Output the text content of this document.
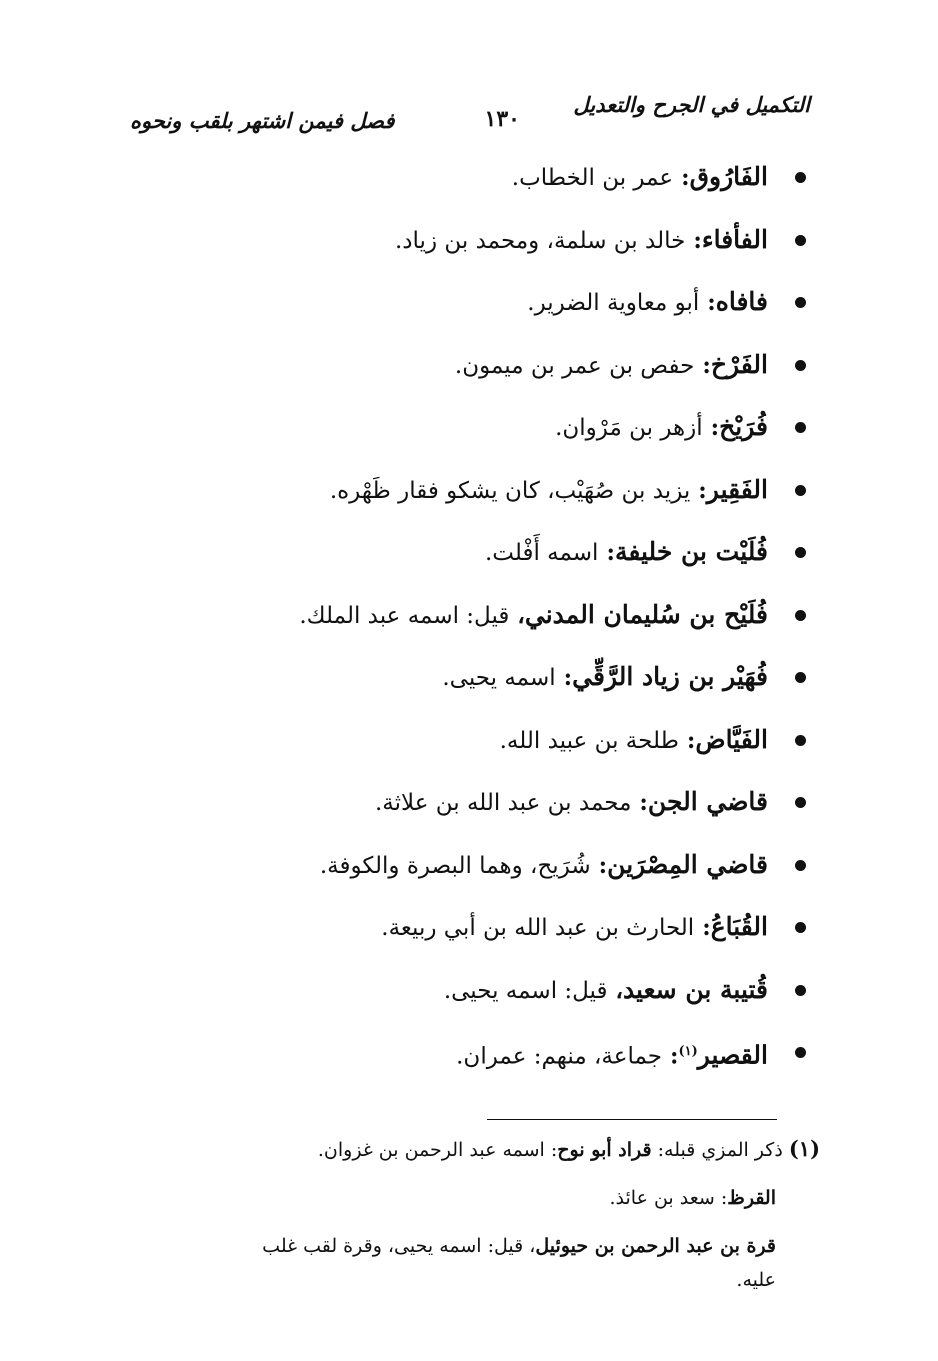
التكميل في الجرح والتعديل
١٣٠
فصل فيمن اشتهر بلقب ونحوه
الفَارُوق: عمر بن الخطاب.
الفأفاء: خالد بن سلمة، ومحمد بن زياد.
فافاه: أبو معاوية الضرير.
الفَرْخ: حفص بن عمر بن ميمون.
فُرَيْخ: أزهر بن مَرْوان.
الفَقِير: يزيد بن صُهَيْب، كان يشكو فقار ظَهْره.
فُلَيْت بن خليفة: اسمه أَفْلت.
فُلَيْح بن سُليمان المدني، قيل: اسمه عبد الملك.
فُهَيْر بن زياد الرَّقِّي: اسمه يحيى.
الفَيَّاض: طلحة بن عبيد الله.
قاضي الجن: محمد بن عبد الله بن علاثة.
قاضي المِصْرَين: شُرَيح، وهما البصرة والكوفة.
القُبَاعُ: الحارث بن عبد الله بن أبي ربيعة.
قُتيبة بن سعيد، قيل: اسمه يحيى.
القصير$^{(١)}$: جماعة، منهم: عمران.

(١) ذكر المزي قبله: قراد أبو نوح: اسمه عبد الرحمن بن غزوان.

القرظ: سعد بن عائذ.

قرة بن عبد الرحمن بن حيوئيل، قيل: اسمه يحيى، وقرة لقب غلب عليه.
